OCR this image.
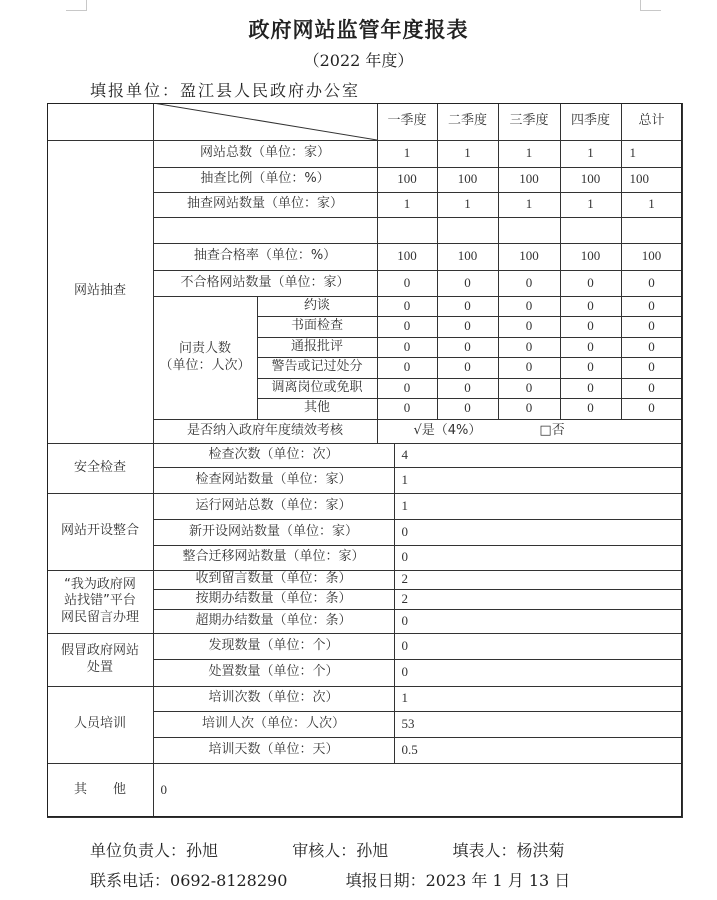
政府网站监管年度报表
（2022 年度）
填报单位：盈江县人民政府办公室
一季度	二季度	三季度	四季度	总计
网站抽查
网站总数（单位：家）	1	1	1	1	1
抽查比例（单位：%）	100	100	100	100	100
抽查网站数量（单位：家）	1	1	1	1	1
抽查合格率（单位：%）	100	100	100	100	100
不合格网站数量（单位：家）	0	0	0	0	0
问责人数
（单位：人次）
约谈	0	0	0	0	0
书面检查	0	0	0	0	0
通报批评	0	0	0	0	0
警告或记过处分	0	0	0	0	0
调离岗位或免职	0	0	0	0	0
其他	0	0	0	0	0
是否纳入政府年度绩效考核	√是（4%）	□否
安全检查
检查次数（单位：次）	4
检查网站数量（单位：家）	1
网站开设整合
运行网站总数（单位：家）	1
新开设网站数量（单位：家）	0
整合迁移网站数量（单位：家）	0
“我为政府网
站找错”平台
网民留言办理
收到留言数量（单位：条）	2
按期办结数量（单位：条）	2
超期办结数量（单位：条）	0
假冒政府网站
处置
发现数量（单位：个）	0
处置数量（单位：个）	0
人员培训
培训次数（单位：次）	1
培训人次（单位：人次）	53
培训天数（单位：天）	0.5
其　　他	0
单位负责人：孙旭	审核人：孙旭	填表人：杨洪菊
联系电话：0692-8128290	填报日期：2023 年 1 月 13 日
